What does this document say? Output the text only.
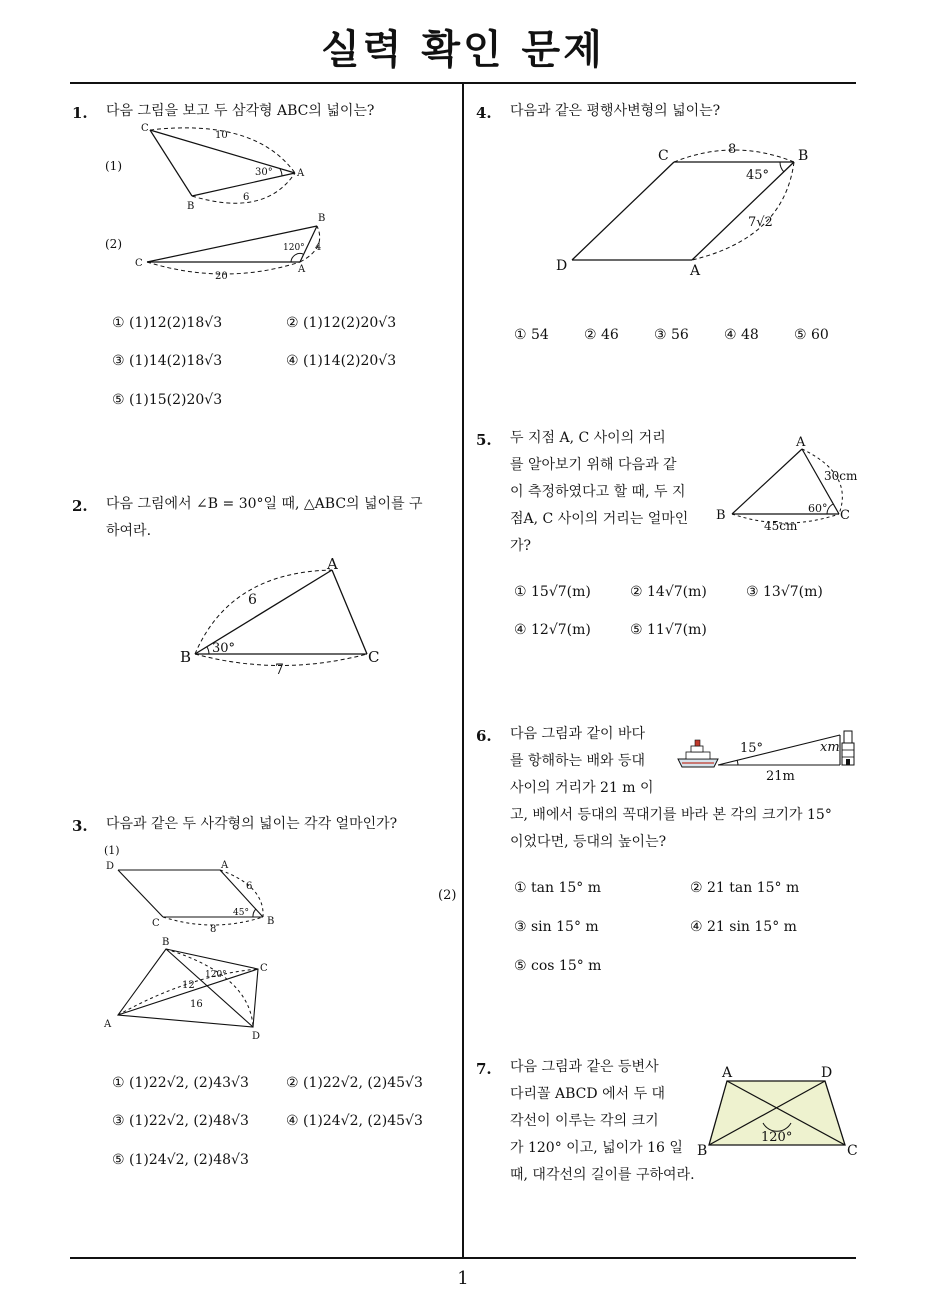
실력 확인 문제
1
1. 다음 그림을 보고 두 삼각형 ABC의 넓이는?
(1)
C
A
B
10
6
30°
(2)
C
A
B
20
4
120°
① (1)12(2)18√3	② (1)12(2)20√3
③ (1)14(2)18√3	④ (1)14(2)20√3
⑤ (1)15(2)20√3
2. 다음 그림에서 ∠B = 30°일 때, △ABC의 넓이를 구
하여라.
A
B	C
6
7
30°
3. 다음과 같은 두 사각형의 넓이는 각각 얼마인가?
(1)
D	A
C	B
6
8
45°
B
C
A
D
12
16
120°
① (1)22√2, (2)43√3	② (1)22√2, (2)45√3
③ (1)22√2, (2)48√3	④ (1)24√2, (2)45√3
⑤ (1)24√2, (2)48√3
(2)
4. 다음과 같은 평행사변형의 넓이는?
C	B
D	A
8
7√2
45°
① 54	② 46	③ 56	④ 48	⑤ 60
5. 두 지점 A, C 사이의 거리
를 알아보기 위해 다음과 같
이 측정하였다고 할 때, 두 지
점A, C 사이의 거리는 얼마인
가?
A
B	C
30cm
45cm
60°
① 15√7(m)	② 14√7(m)	③ 13√7(m)
④ 12√7(m)	⑤ 11√7(m)
6. 다음 그림과 같이 바다
를 항해하는 배와 등대
사이의 거리가 21 m 이
고, 배에서 등대의 꼭대기를 바라 본 각의 크기가 15°
이었다면, 등대의 높이는?
15°	xm
21m
① tan 15° m	② 21 tan 15° m
③ sin 15° m	④ 21 sin 15° m
⑤ cos 15° m
7. 다음 그림과 같은 등변사
다리꼴 ABCD 에서 두 대
각선이 이루는 각의 크기
가 120° 이고, 넓이가 16 일
때, 대각선의 길이를 구하여라.
A	D
B	C
120°
